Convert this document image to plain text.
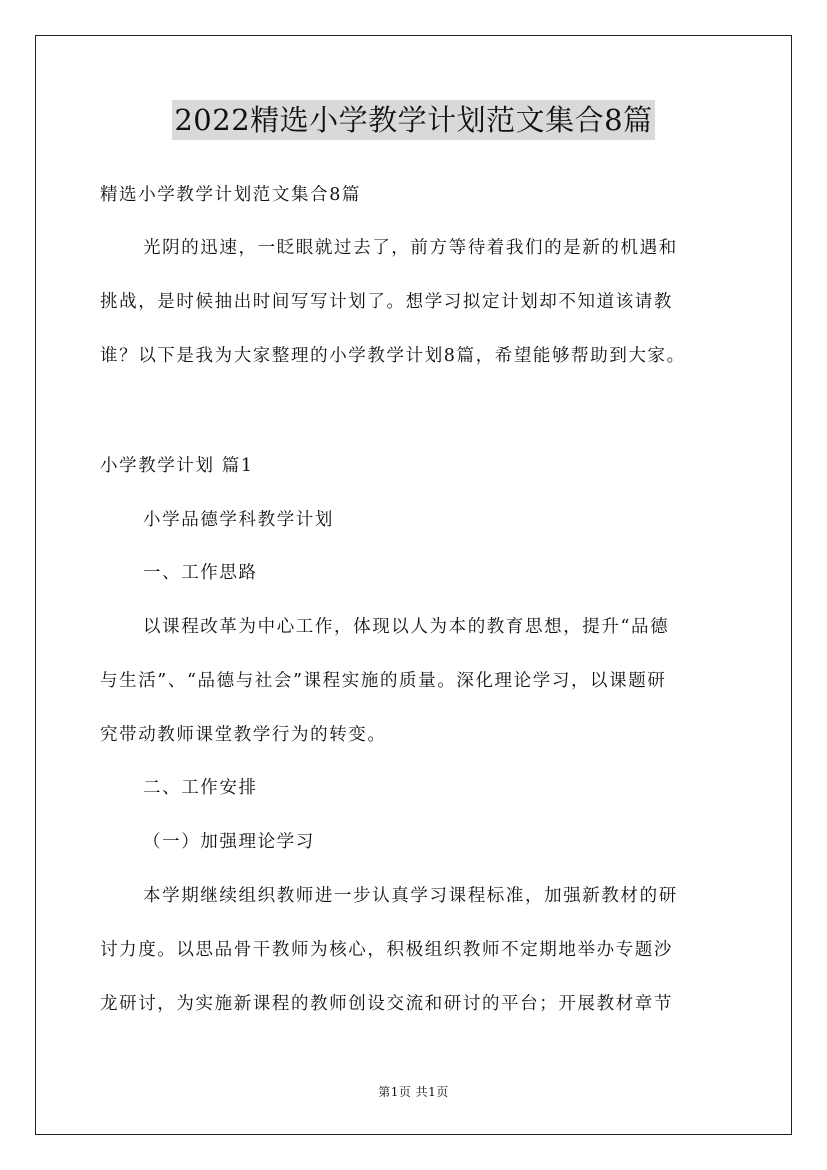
2022精选小学教学计划范文集合8篇
精选小学教学计划范文集合8篇
光阴的迅速，一眨眼就过去了，前方等待着我们的是新的机遇和
挑战，是时候抽出时间写写计划了。想学习拟定计划却不知道该请教
谁？以下是我为大家整理的小学教学计划8篇，希望能够帮助到大家。
小学教学计划 篇1
小学品德学科教学计划
一、工作思路
以课程改革为中心工作，体现以人为本的教育思想，提升“品德
与生活”、“品德与社会”课程实施的质量。深化理论学习，以课题研
究带动教师课堂教学行为的转变。
二、工作安排
（一）加强理论学习
本学期继续组织教师进一步认真学习课程标准，加强新教材的研
讨力度。以思品骨干教师为核心，积极组织教师不定期地举办专题沙
龙研讨，为实施新课程的教师创设交流和研讨的平台；开展教材章节
第1页 共1页
